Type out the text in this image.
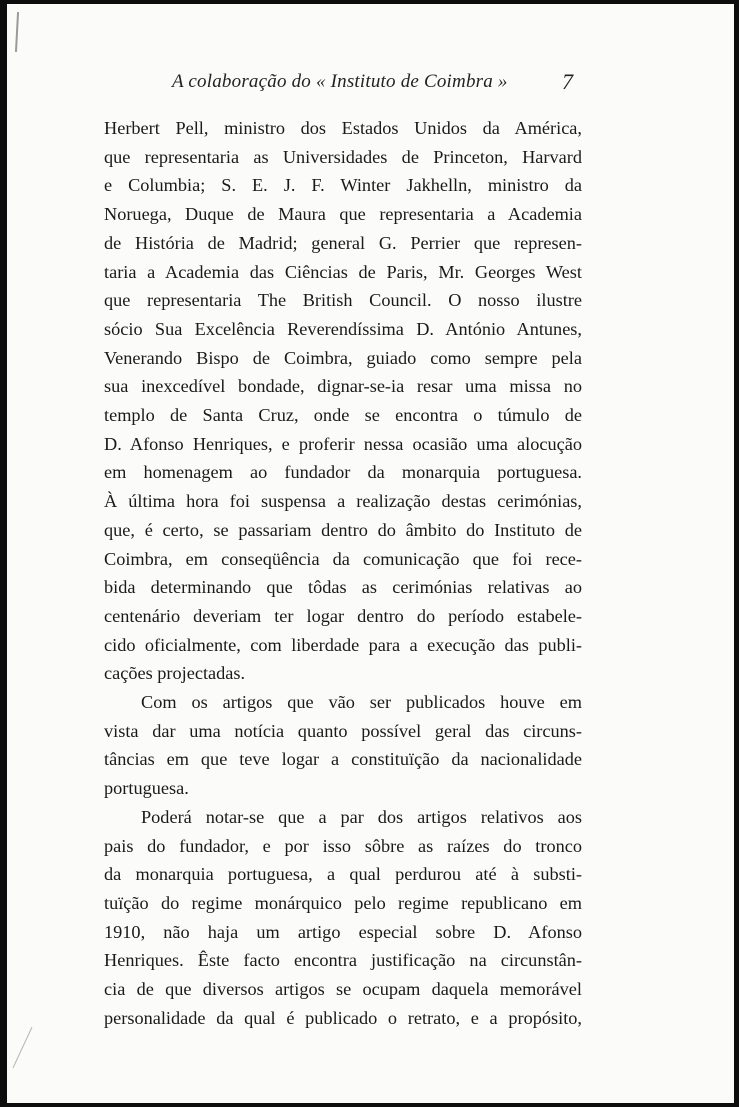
A colaboração do « Instituto de Coimbra » 7
Herbert Pell, ministro dos Estados Unidos da América,
que representaria as Universidades de Princeton, Harvard
e Columbia; S. E. J. F. Winter Jakhelln, ministro da
Noruega, Duque de Maura que representaria a Academia
de História de Madrid; general G. Perrier que represen-
taria a Academia das Ciências de Paris, Mr. Georges West
que representaria The British Council. O nosso ilustre
sócio Sua Excelência Reverendíssima D. António Antunes,
Venerando Bispo de Coimbra, guiado como sempre pela
sua inexcedível bondade, dignar-se-ia resar uma missa no
templo de Santa Cruz, onde se encontra o túmulo de
D. Afonso Henriques, e proferir nessa ocasião uma alocução
em homenagem ao fundador da monarquia portuguesa.
À última hora foi suspensa a realização destas cerimónias,
que, é certo, se passariam dentro do âmbito do Instituto de
Coimbra, em conseqüência da comunicação que foi rece-
bida determinando que tôdas as cerimónias relativas ao
centenário deveriam ter logar dentro do período estabele-
cido oficialmente, com liberdade para a execução das publi-
cações projectadas.
Com os artigos que vão ser publicados houve em
vista dar uma notícia quanto possível geral das circuns-
tâncias em que teve logar a constituïção da nacionalidade
portuguesa.
Poderá notar-se que a par dos artigos relativos aos
pais do fundador, e por isso sôbre as raízes do tronco
da monarquia portuguesa, a qual perdurou até à substi-
tuïção do regime monárquico pelo regime republicano em
1910, não haja um artigo especial sobre D. Afonso
Henriques. Êste facto encontra justificação na circunstân-
cia de que diversos artigos se ocupam daquela memorável
personalidade da qual é publicado o retrato, e a propósito,
